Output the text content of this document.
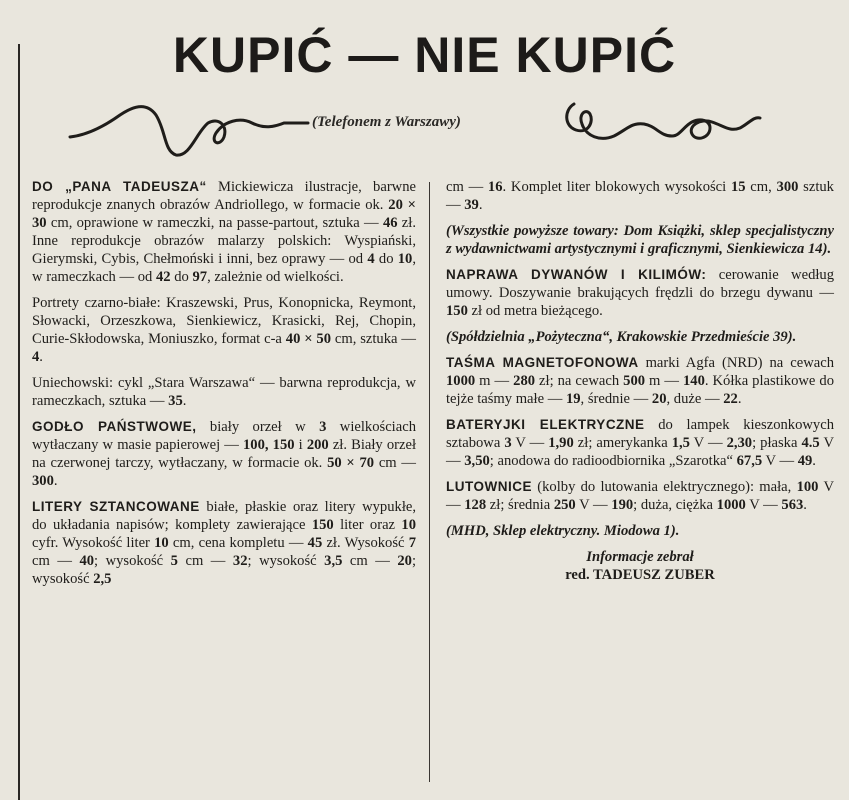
KUPIĆ — NIE KUPIĆ
(Telefonem z Warszawy)

DO „PANA TADEUSZA“ Mickiewicza ilustracje, barwne reprodukcje znanych obrazów Andriollego, w formacie ok. 20 × 30 cm, oprawione w rameczki, na passe-partout, sztuka — 46 zł. Inne reprodukcje obrazów malarzy polskich: Wyspiański, Gierymski, Cybis, Chełmoński i inni, bez oprawy — od 4 do 10, w rameczkach — od 42 do 97, zależnie od wielkości.

Portrety czarno-białe: Kraszewski, Prus, Konopnicka, Reymont, Słowacki, Orzeszkowa, Sienkiewicz, Krasicki, Rej, Chopin, Curie-Skłodowska, Moniuszko, format c-a 40 × 50 cm, sztuka — 4.

Uniechowski: cykl „Stara Warszawa“ — barwna reprodukcja, w rameczkach, sztuka — 35.

GODŁO PAŃSTWOWE, biały orzeł w 3 wielkościach wytłaczany w masie papierowej — 100, 150 i 200 zł. Biały orzeł na czerwonej tarczy, wytłaczany, w formacie ok. 50 × 70 cm — 300.

LITERY SZTANCOWANE białe, płaskie oraz litery wypukłe, do układania napisów; komplety zawierające 150 liter oraz 10 cyfr. Wysokość liter 10 cm, cena kompletu — 45 zł. Wysokość 7 cm — 40; wysokość 5 cm — 32; wysokość 3,5 cm — 20; wysokość 2,5

cm — 16. Komplet liter blokowych wysokości 15 cm, 300 sztuk — 39.

(Wszystkie powyższe towary: Dom Książki, sklep specjalistyczny z wydawnictwami artystycznymi i graficznymi, Sienkiewicza 14).

NAPRAWA DYWANÓW I KILIMÓW: cerowanie według umowy. Doszywanie brakujących frędzli do brzegu dywanu — 150 zł od metra bieżącego.

(Spółdzielnia „Pożyteczna“, Krakowskie Przedmieście 39).

TAŚMA MAGNETOFONOWA marki Agfa (NRD) na cewach 1000 m — 280 zł; na cewach 500 m — 140. Kółka plastikowe do tejże taśmy małe — 19, średnie — 20, duże — 22.

BATERYJKI ELEKTRYCZNE do lampek kieszonkowych sztabowa 3 V — 1,90 zł; amerykanka 1,5 V — 2,30; płaska 4.5 V — 3,50; anodowa do radioodbiornika „Szarotka“ 67,5 V — 49.

LUTOWNICE (kolby do lutowania elektrycznego): mała, 100 V — 128 zł; średnia 250 V — 190; duża, ciężka 1000 V — 563.

(MHD, Sklep elektryczny. Miodowa 1).

Informacje zebrał
red. TADEUSZ ZUBER
